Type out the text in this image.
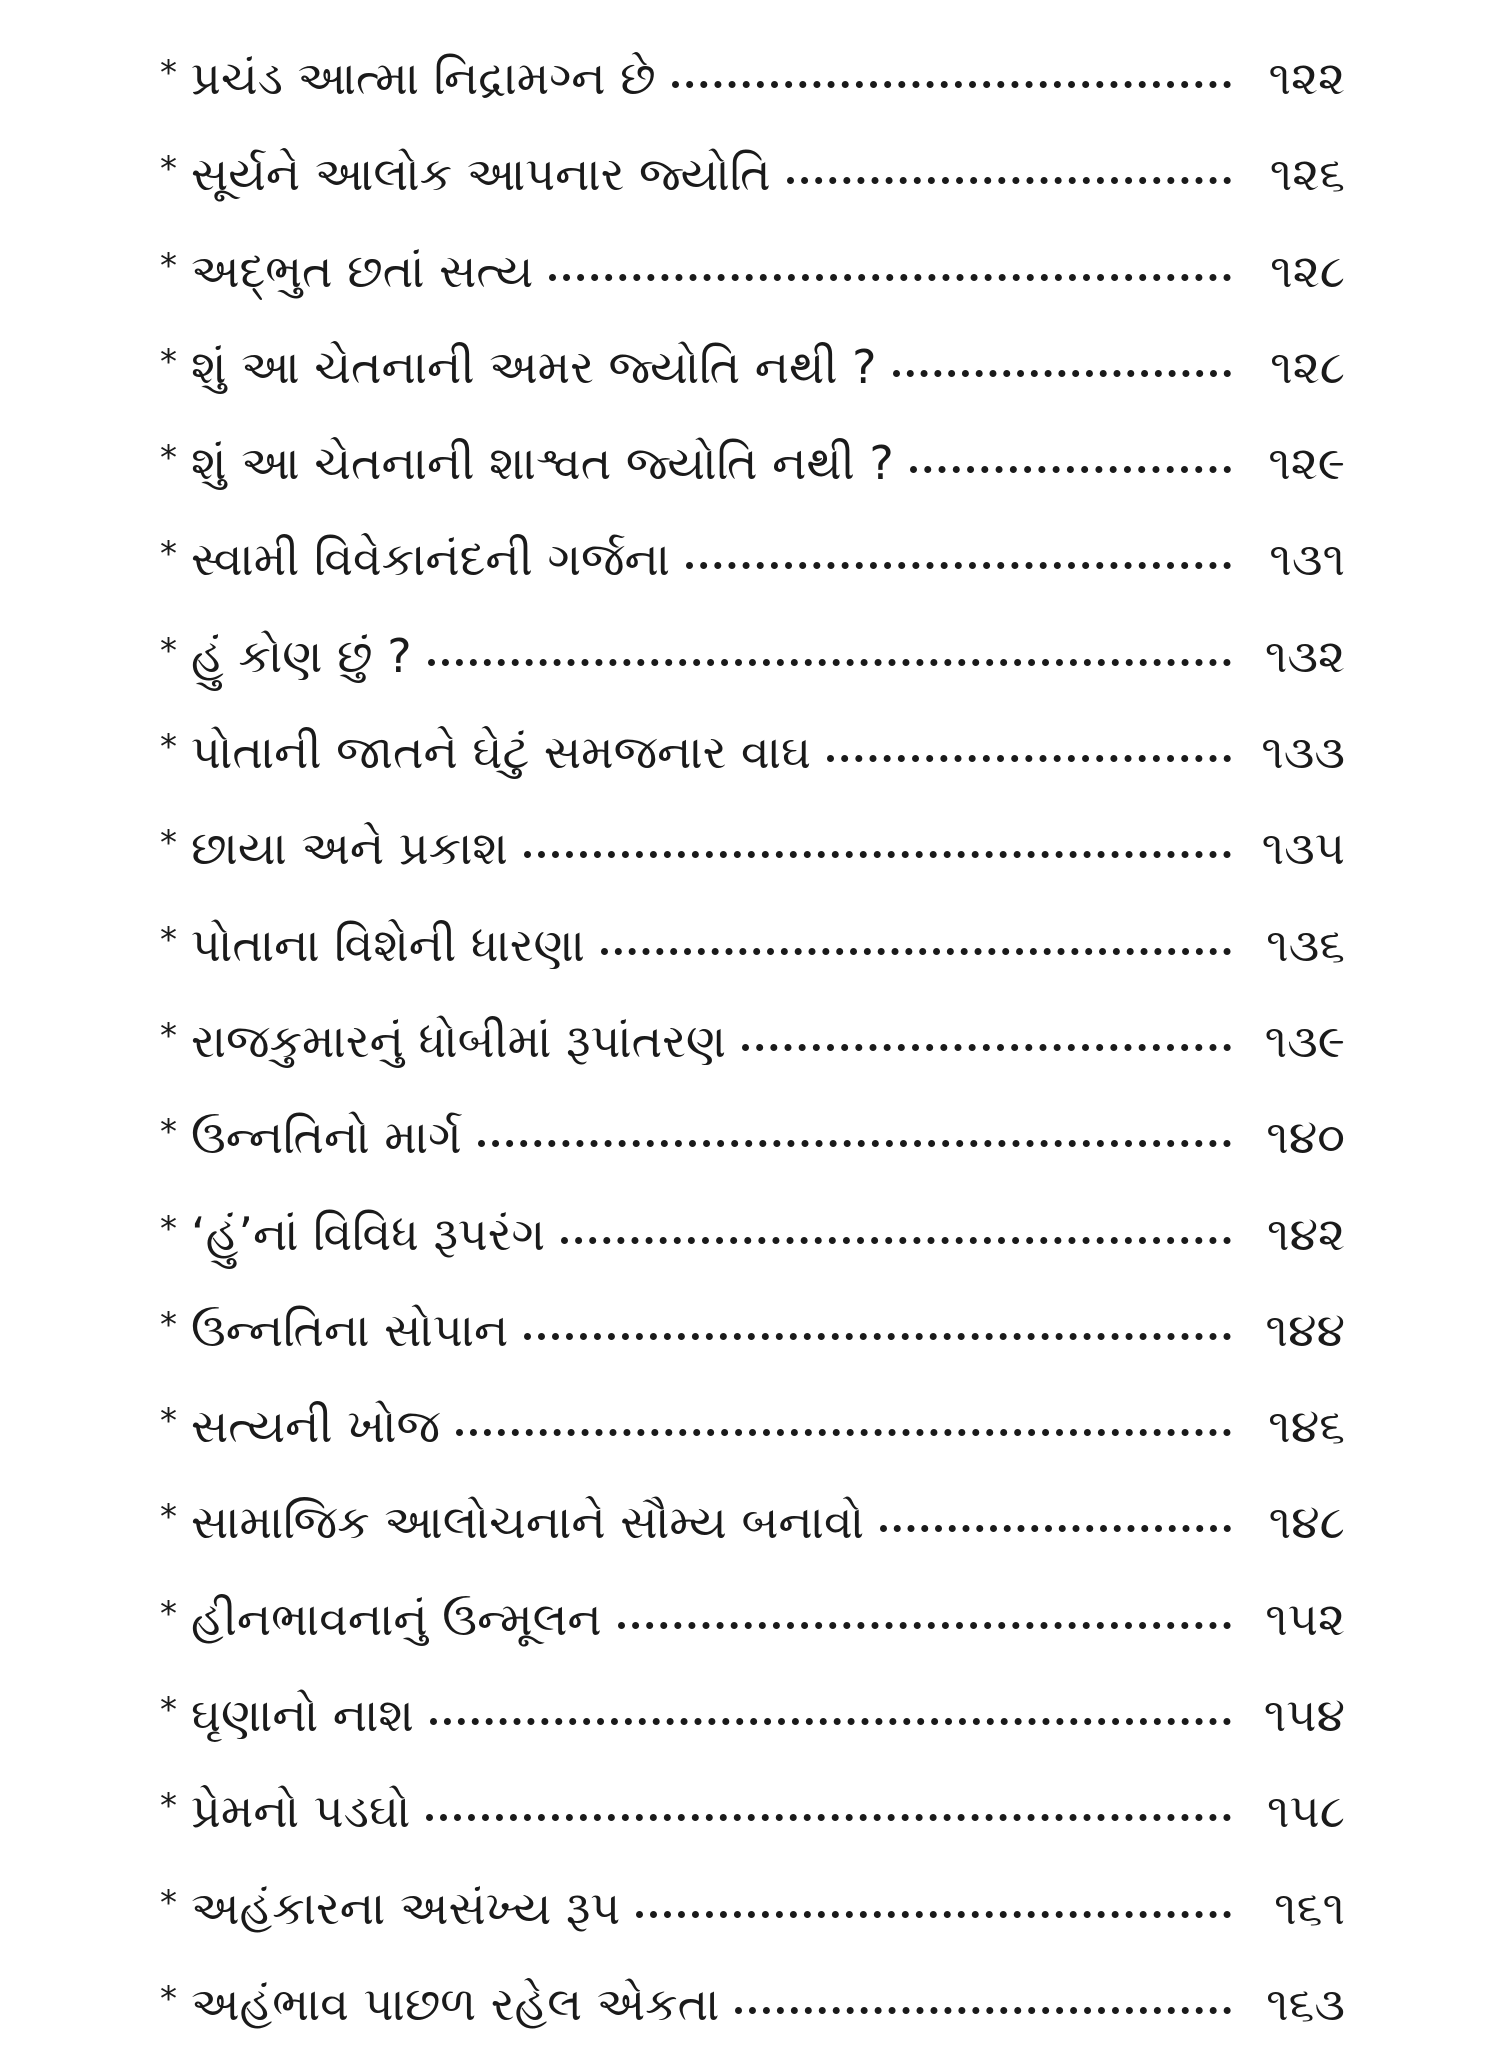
* પ્રચંડ આત્મા નિદ્રામગ્ન છે	૧૨૨
* સૂર્યને આલોક આપનાર જ્યોતિ	૧૨૬
* અદ્ભુત છતાં સત્ય	૧૨૮
* શું આ ચેતનાની અમર જ્યોતિ નથી ?	૧૨૮
* શું આ ચેતનાની શાશ્વત જ્યોતિ નથી ?	૧૨૯
* સ્વામી વિવેકાનંદની ગર્જના	૧૩૧
* હું કોણ છું ?	૧૩૨
* પોતાની જાતને ઘેટું સમજનાર વાઘ	૧૩૩
* છાયા અને પ્રકાશ	૧૩૫
* પોતાના વિશેની ધારણા	૧૩૬
* રાજકુમારનું ધોબીમાં રૂપાંતરણ	૧૩૯
* ઉન્નતિનો માર્ગ	૧૪૦
* ‘હું’નાં વિવિધ રૂપરંગ	૧૪૨
* ઉન્નતિના સોપાન	૧૪૪
* સત્યની ખોજ	૧૪૬
* સામાજિક આલોચનાને સૌમ્ય બનાવો	૧૪૮
* હીનભાવનાનું ઉન્મૂલન	૧૫૨
* ઘૃણાનો નાશ	૧૫૪
* પ્રેમનો પડઘો	૧૫૮
* અહંકારના અસંખ્ય રૂપ	૧૬૧
* અહંભાવ પાછળ રહેલ એકતા	૧૬૩
